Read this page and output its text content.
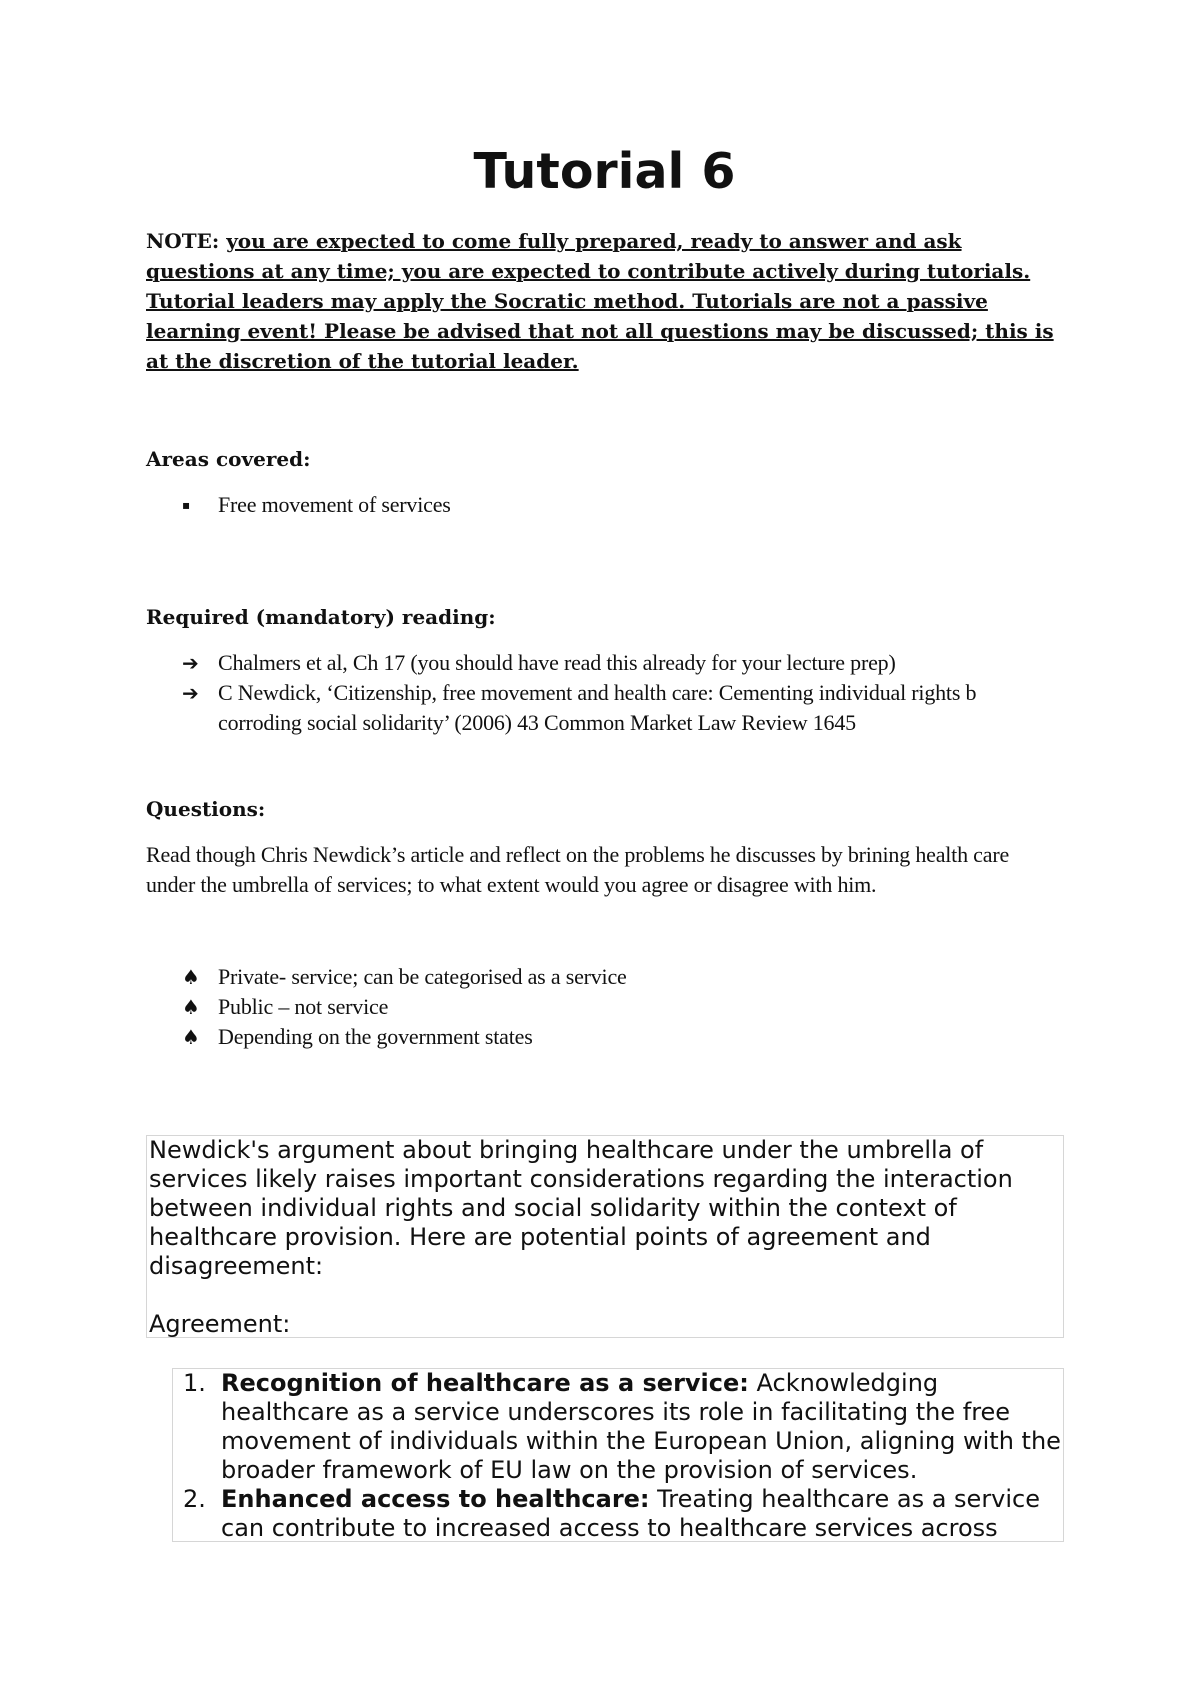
Tutorial 6

NOTE: you are expected to come fully prepared, ready to answer and ask questions at any time; you are expected to contribute actively during tutorials. Tutorial leaders may apply the Socratic method. Tutorials are not a passive learning event! Please be advised that not all questions may be discussed; this is at the discretion of the tutorial leader.

Areas covered:
▪ Free movement of services
Required (mandatory) reading:
➔ Chalmers et al, Ch 17 (you should have read this already for your lecture prep)
➔ C Newdick, ‘Citizenship, free movement and health care: Cementing individual rights b corroding social solidarity’ (2006) 43 Common Market Law Review 1645
Questions:

Read though Chris Newdick’s article and reflect on the problems he discusses by brining health care under the umbrella of services; to what extent would you agree or disagree with him.

♠ Private- service; can be categorised as a service
♠ Public – not service
♠ Depending on the government states
Newdick's argument about bringing healthcare under the umbrella of services likely raises important considerations regarding the interaction between individual rights and social solidarity within the context of healthcare provision. Here are potential points of agreement and disagreement:
Agreement:
1. Recognition of healthcare as a service: Acknowledging healthcare as a service underscores its role in facilitating the free movement of individuals within the European Union, aligning with the broader framework of EU law on the provision of services.
2. Enhanced access to healthcare: Treating healthcare as a service can contribute to increased access to healthcare services across
